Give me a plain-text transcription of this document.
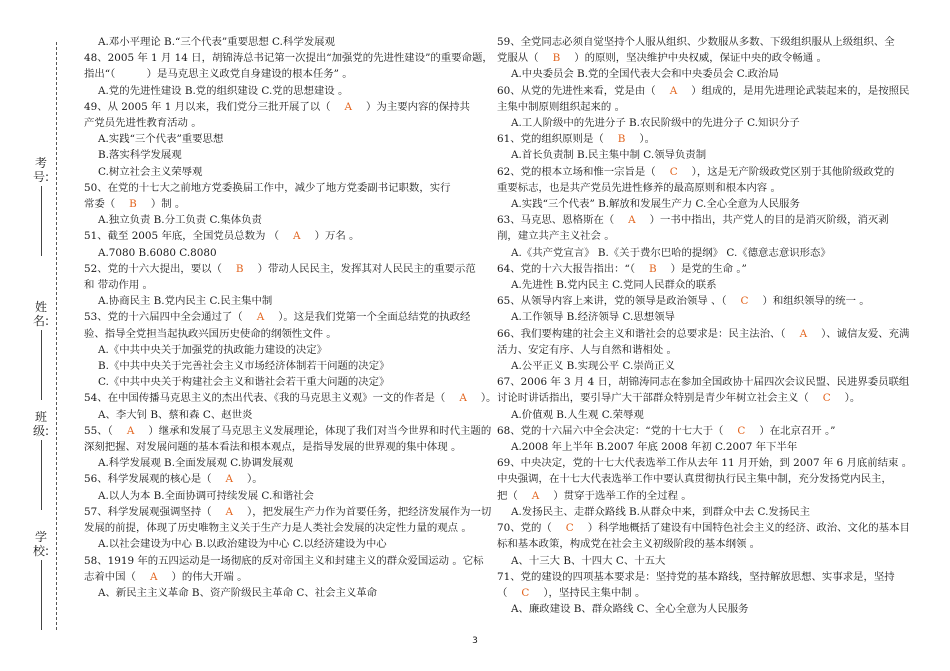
考号:
姓名:
班级:
学校:
A.邓小平理论 B.“三个代表”重要思想 C.科学发展观
48、2005 年 1 月 14 日，胡锦涛总书记第一次提出“加强党的先进性建设”的重要命题，
指出“（	）是马克思主义政党自身建设的根本任务” 。
A.党的先进性建设 B.党的组织建设 C.党的思想建设 。
49、从 2005 年 1 月以来，我们党分三批开展了以（ A ）为主要内容的保持共
产党员先进性教育活动 。
A.实践“三个代表”重要思想
B.落实科学发展观
C.树立社会主义荣辱观
50、在党的十七大之前地方党委换届工作中，减少了地方党委副书记职数，实行
常委（ B ）制 。
A.独立负责 B.分工负责 C.集体负责
51、截至 2005 年底，全国党员总数为 （ A ）万名 。
A.7080 B.6080 C.8080
52、党的十六大提出，要以（ B ）带动人民民主，发挥其对人民民主的重要示范
和 带动作用 。
A.协商民主 B.党内民主 C.民主集中制
53、党的十六届四中全会通过了（ A ）。这是我们党第一个全面总结党的执政经
验、指导全党担当起执政兴国历史使命的纲领性文件 。
A.《中共中央关于加强党的执政能力建设的决定》
B.《中共中央关于完善社会主义市场经济体制若干问题的决定》
C.《中共中央关于构建社会主义和谐社会若干重大问题的决定》
54、在中国传播马克思主义的杰出代表、《我的马克思主义观》一文的作者是（ A ）。
A、李大钊 B、蔡和森 C、赵世炎
55、（ A ）继承和发展了马克思主义发展理论，体现了我们对当今世界和时代主题的
深刻把握、对发展问题的基本看法和根本观点，是指导发展的世界观的集中体现 。
A.科学发展观 B.全面发展观 C.协调发展观
56、科学发展观的核心是（ A ）。
A.以人为本 B.全面协调可持续发展 C.和谐社会
57、科学发展观强调坚持（ A ），把发展生产力作为首要任务，把经济发展作为一切
发展的前提，体现了历史唯物主义关于生产力是人类社会发展的决定性力量的观点 。
A.以社会建设为中心 B.以政治建设为中心 C.以经济建设为中心
58、1919 年的五四运动是一场彻底的反对帝国主义和封建主义的群众爱国运动 。它标
志着中国（ A ）的伟大开端 。
A、新民主主义革命 B、资产阶级民主革命 C、社会主义革命
59、全党同志必须自觉坚持个人服从组织、少数服从多数、下级组织服从上级组织、全
党服从（ B ）的原则，坚决维护中央权威，保证中央的政令畅通 。
A.中央委员会 B.党的全国代表大会和中央委员会 C.政治局
60、从党的先进性来看，党是由（ A ）组成的，是用先进理论武装起来的，是按照民
主集中制原则组织起来的 。
A.工人阶级中的先进分子 B.农民阶级中的先进分子 C.知识分子
61、党的组织原则是（ B ）。
A.首长负责制 B.民主集中制 C.领导负责制
62、党的根本立场和惟一宗旨是（ C ），这是无产阶级政党区别于其他阶级政党的
重要标志，也是共产党员先进性修养的最高原则和根本内容 。
A.实践“三个代表” B.解放和发展生产力 C.全心全意为人民服务
63、马克思、恩格斯在（ A ）一书中指出，共产党人的目的是消灭阶级，消灭剥
削，建立共产主义社会 。
A.《共产党宣言》 B.《关于费尔巴哈的提纲》 C.《德意志意识形态》
64、党的十六大报告指出：“（ B ）是党的生命 。”
A.先进性 B.党内民主 C.党同人民群众的联系
65、从领导内容上来讲，党的领导是政治领导 、（ C ）和组织领导的统一 。
A.工作领导 B.经济领导 C.思想领导
66、我们要构建的社会主义和谐社会的总要求是：民主法治、（ A ）、诚信友爱、充满
活力、安定有序、人与自然和谐相处 。
A.公平正义 B.实现公平 C.崇尚正义
67、2006 年 3 月 4 日，胡锦涛同志在参加全国政协十届四次会议民盟、民进界委员联组
讨论时讲话指出，要引导广大干部群众特别是青少年树立社会主义（ C ）。
A.价值观 B.人生观 C.荣辱观
68、党的十六届六中全会决定：“党的十七大于（ C ）在北京召开 。”
A.2008 年上半年 B.2007 年底 2008 年初 C.2007 年下半年
69、中央决定，党的十七大代表选举工作从去年 11 月开始，到 2007 年 6 月底前结束 。
中央强调，在十七大代表选举工作中要认真贯彻执行民主集中制，充分发扬党内民主，
把（ A ）贯穿于选举工作的全过程 。
A.发扬民主、走群众路线 B.从群众中来，到群众中去 C.发扬民主
70、党的（ C ）科学地概括了建设有中国特色社会主义的经济、政治、文化的基本目
标和基本政策，构成党在社会主义初级阶段的基本纲领 。
A、十三大 B、十四大 C、十五大
71、党的建设的四项基本要求是：坚持党的基本路线，坚持解放思想、实事求是，坚持
（ C ），坚持民主集中制 。
A、廉政建设 B、群众路线 C、全心全意为人民服务
3
